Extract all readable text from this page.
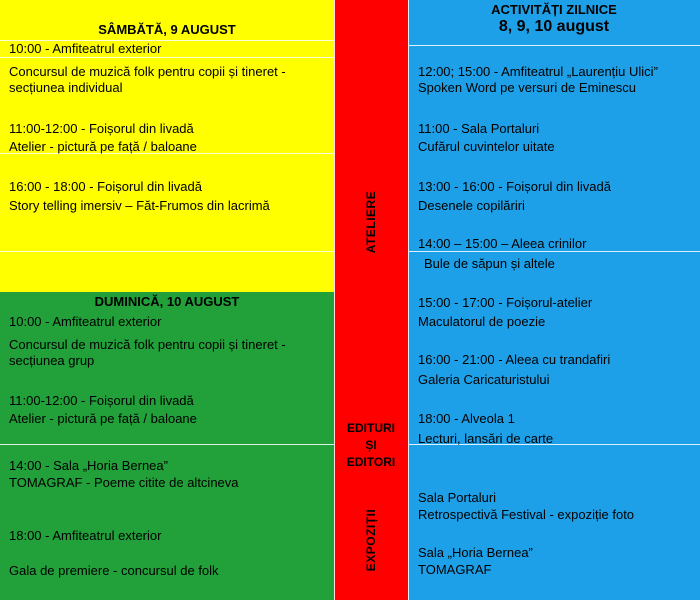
SÂMBĂTĂ, 9 AUGUST
10:00 - Amfiteatrul exterior
Concursul de muzică folk pentru copii și tineret -
secțiunea individual
11:00-12:00 - Foișorul din livadă
Atelier - pictură pe față / baloane
16:00 - 18:00 - Foișorul din livadă
Story telling imersiv – Făt-Frumos din lacrimă
DUMINICĂ, 10 AUGUST
10:00 - Amfiteatrul exterior
Concursul de muzică folk pentru copii și tineret -
secțiunea grup
11:00-12:00 - Foișorul din livadă
Atelier - pictură pe față / baloane
14:00 - Sala „Horia Bernea”
TOMAGRAF - Poeme citite de altcineva
18:00 - Amfiteatrul exterior
Gala de premiere - concursul de folk
ATELIERE
EDITURI
ȘI
EDITORI
EXPOZIȚII
ACTIVITĂȚI ZILNICE
8, 9, 10 august
12:00; 15:00 - Amfiteatrul „Laurențiu Ulici”
Spoken Word pe versuri de Eminescu
11:00 - Sala Portaluri
Cufărul cuvintelor uitate
13:00 - 16:00 - Foișorul din livadă
Desenele copilăriri
14:00 – 15:00 – Aleea crinilor
Bule de săpun și altele
15:00 - 17:00 - Foișorul-atelier
Maculatorul de poezie
16:00 - 21:00 - Aleea cu trandafiri
Galeria Caricaturistului
18:00 - Alveola 1
Lecturi, lansări de carte
Sala Portaluri
Retrospectivă Festival - expoziție foto
Sala „Horia Bernea”
TOMAGRAF
